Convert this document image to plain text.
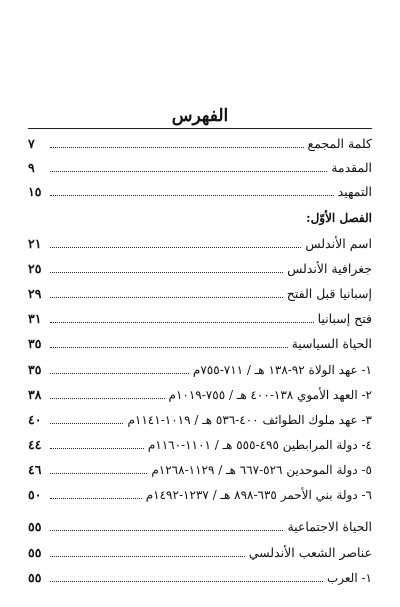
الفهرس
كلمة المجمع
٧
المقدمة
٩
التمهيد
١٥
الفصل الأوّل:
اسم الأندلس
٢١
جغرافية الأندلس
٢٥
إسبانيا قبل الفتح
٢٩
فتح إسبانيا
٣١
الحياة السياسية
٣٥
١- عهد الولاة ٩٢-١٣٨ هـ / ٧١١-٧٥٥م
٣٥
٢- العهد الأموي ١٣٨-٤٠٠ هـ / ٧٥٥-١٠١٩م
٣٨
٣- عهد ملوك الطوائف ٤٠٠-٥٣٦ هـ / ١٠١٩-١١٤١م
٤٠
٤- دولة المرابطين ٤٩٥-٥٥٥ هـ / ١١٠١-١١٦٠م
٤٤
٥- دولة الموحدين ٥٢٦-٦٦٧ هـ / ١١٢٩-١٢٦٨م
٤٦
٦- دولة بني الأحمر ٦٣٥-٨٩٨ هـ / ١٢٣٧-١٤٩٢م
٥٠
الحياة الاجتماعية
٥٥
عناصر الشعب الأندلسي
٥٥
١- العرب
٥٥
